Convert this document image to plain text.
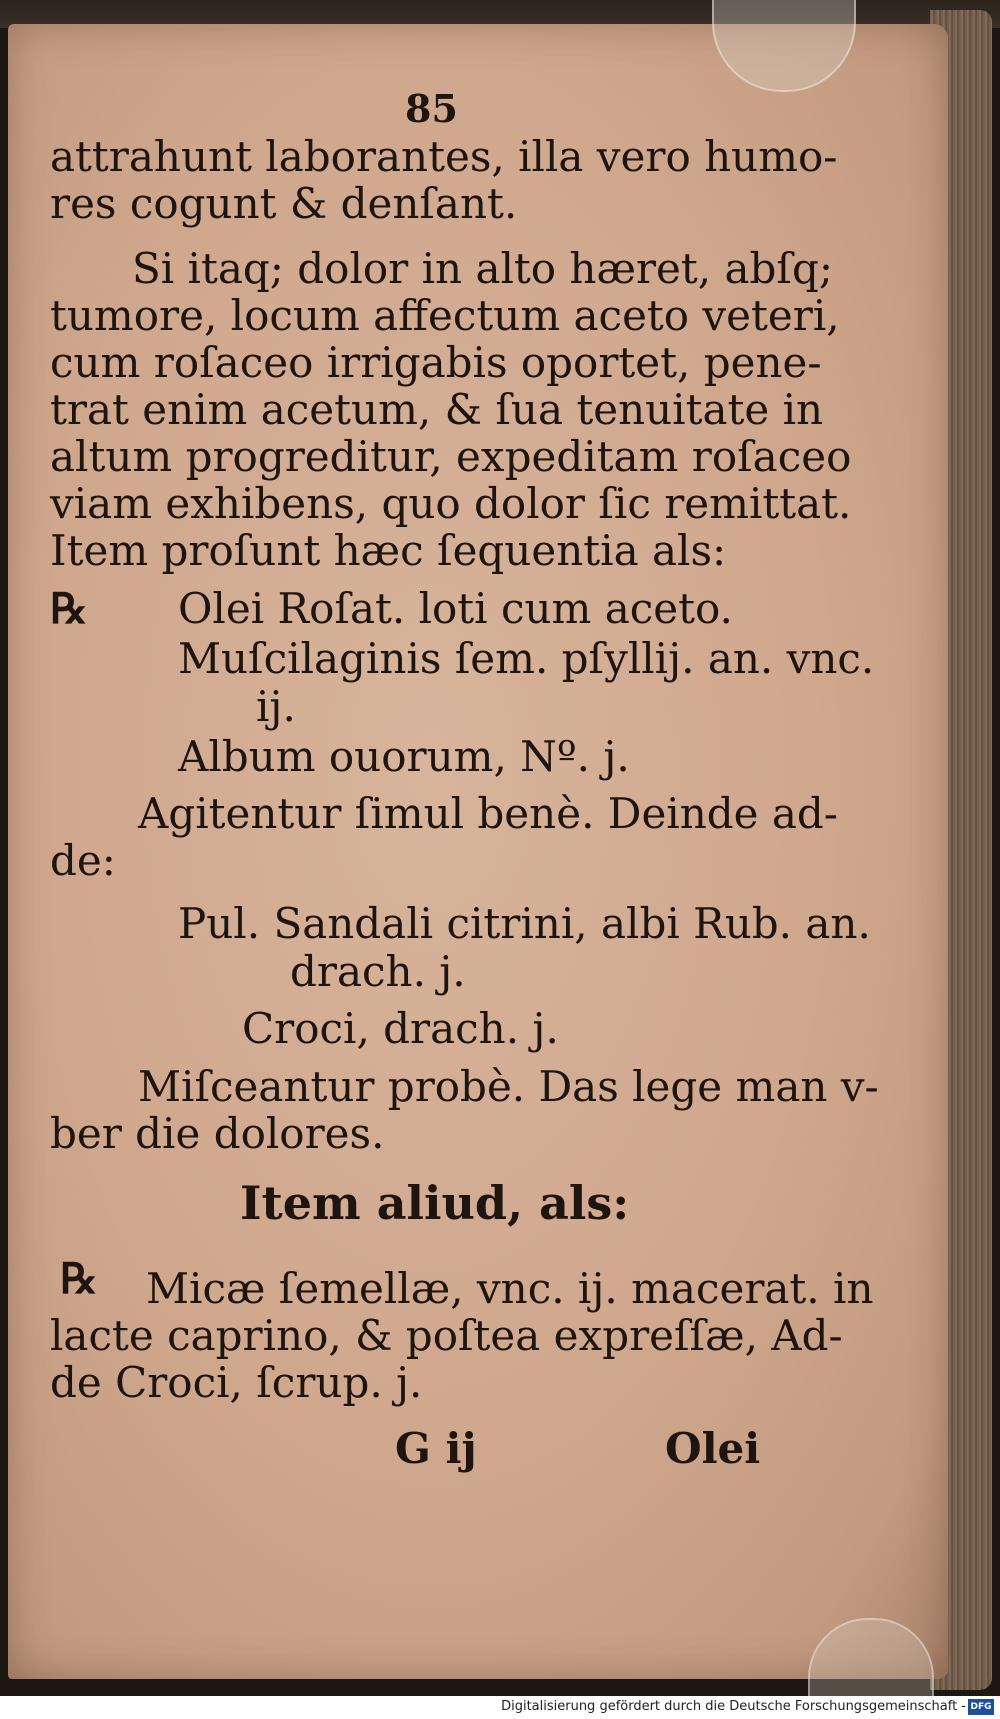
85
attrahunt laborantes, illa vero humo-
res cogunt & denſant.
Si itaq; dolor in alto hæret, abſq;
tumore, locum affectum aceto veteri,
cum roſaceo irrigabis oportet, pene-
trat enim acetum, & ſua tenuitate in
altum progreditur, expeditam roſaceo
viam exhibens, quo dolor ſic remittat.
Item proſunt hæc ſequentia als:
℞ Olei Roſat. loti cum aceto.
Muſcilaginis ſem. pſyllij. an. vnc.
ij.
Album ouorum, Nº. j.
Agitentur ſimul benè. Deinde ad-
de:
Pul. Sandali citrini, albi Rub. an.
drach. j.
Croci, drach. j.
Miſceantur probè. Das lege man v-
ber die dolores.
Item aliud, als:
℞ Micæ ſemellæ, vnc. ij. macerat. in
lacte caprino, & poſtea expreſſæ, Ad-
de Croci, ſcrup. j.
G ij	Olei
Digitalisierung gefördert durch die Deutsche Forschungsgemeinschaft - DFG
